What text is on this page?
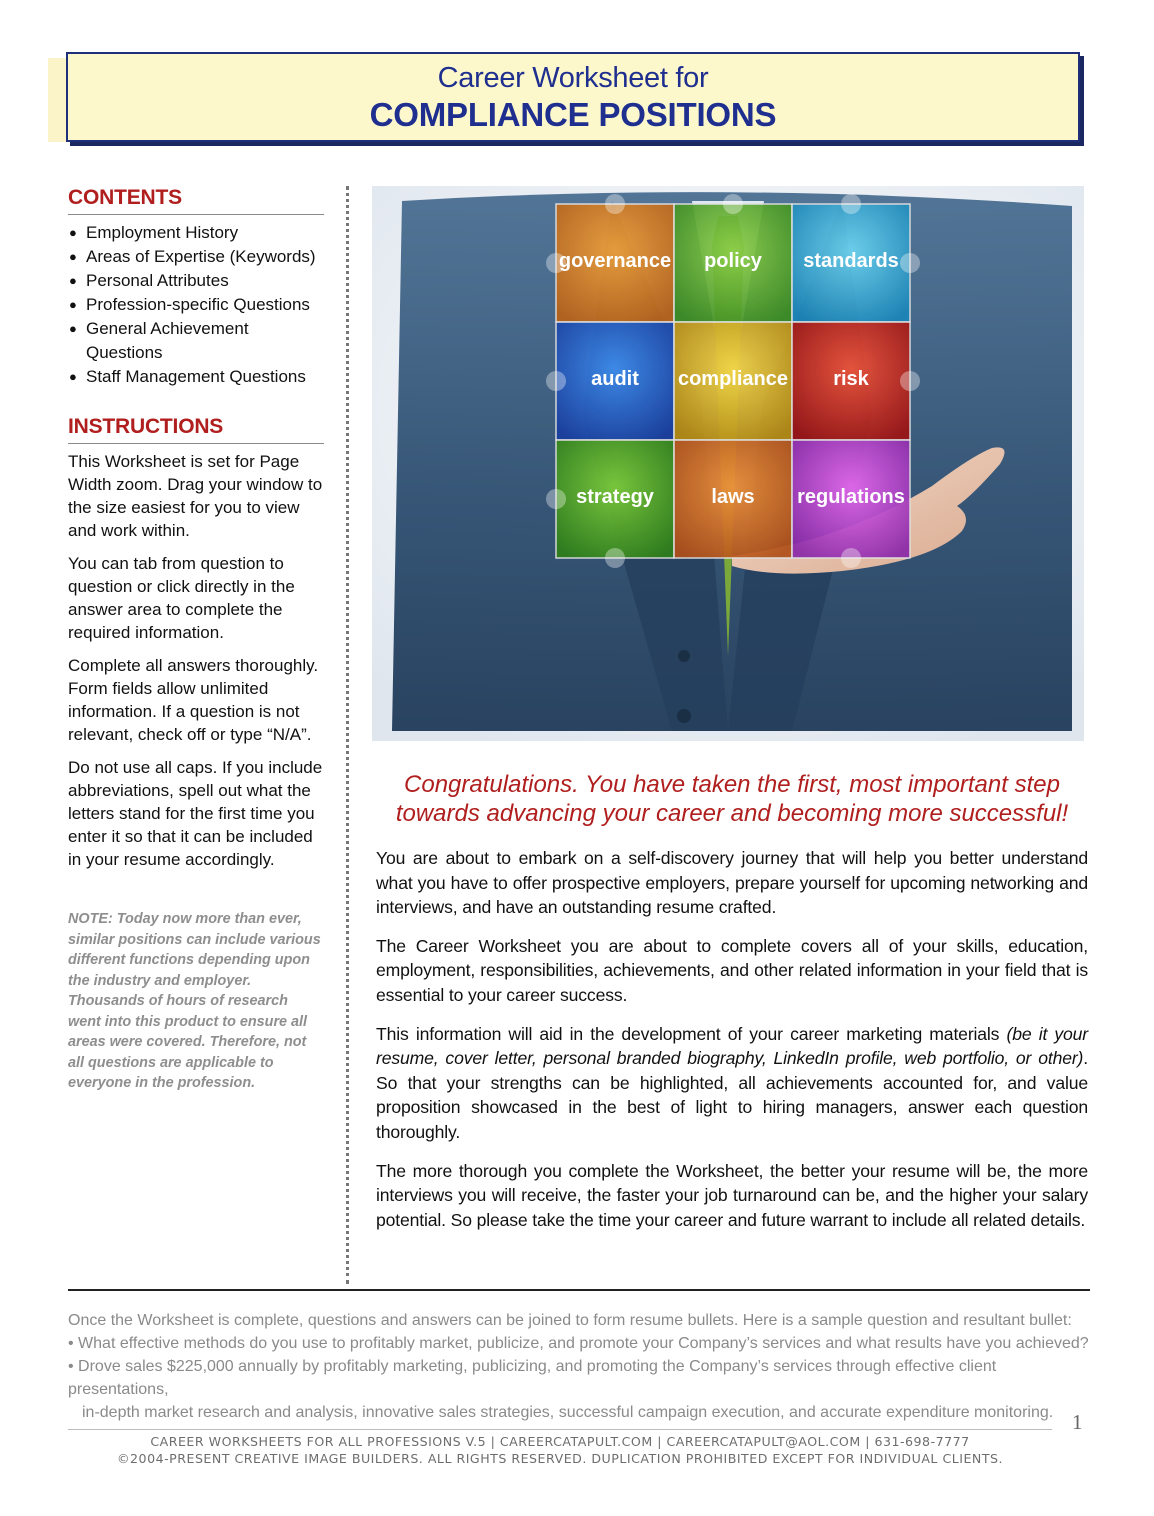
Career Worksheet for
COMPLIANCE POSITIONS
CONTENTS
● Employment History
● Areas of Expertise (Keywords)
● Personal Attributes
● Profession-specific Questions
● General Achievement Questions
● Staff Management Questions
INSTRUCTIONS

This Worksheet is set for Page Width zoom. Drag your window to the size easiest for you to view and work within.

You can tab from question to question or click directly in the answer area to complete the required information.

Complete all answers thoroughly. Form fields allow unlimited information. If a question is not relevant, check off or type “N/A”.

Do not use all caps. If you include abbreviations, spell out what the letters stand for the first time you enter it so that it can be included in your resume accordingly.

NOTE: Today now more than ever, similar positions can include various different functions depending upon the industry and employer. Thousands of hours of research went into this product to ensure all areas were covered. Therefore, not all questions are applicable to everyone in the profession.
governance policy standards
audit compliance risk
strategy	laws regulations
Congratulations. You have taken the first, most important step
towards advancing your career and becoming more successful!

You are about to embark on a self-discovery journey that will help you better understand what you have to offer prospective employers, prepare yourself for upcoming networking and interviews, and have an outstanding resume crafted.

The Career Worksheet you are about to complete covers all of your skills, education, employment, responsibilities, achievements, and other related information in your field that is essential to your career success.

This information will aid in the development of your career marketing materials (be it your resume, cover letter, personal branded biography, LinkedIn profile, web portfolio, or other). So that your strengths can be highlighted, all achievements accounted for, and value proposition showcased in the best of light to hiring managers, answer each question thoroughly.

The more thorough you complete the Worksheet, the better your resume will be, the more interviews you will receive, the faster your job turnaround can be, and the higher your salary potential. So please take the time your career and future warrant to include all related details.

Once the Worksheet is complete, questions and answers can be joined to form resume bullets. Here is a sample question and resultant bullet:
• What effective methods do you use to profitably market, publicize, and promote your Company’s services and what results have you achieved?
• Drove sales $225,000 annually by profitably marketing, publicizing, and promoting the Company’s services through effective client presentations,
in-depth market research and analysis, innovative sales strategies, successful campaign execution, and accurate expenditure monitoring. 1
CAREER WORKSHEETS FOR ALL PROFESSIONS V.5 | CAREERCATAPULT.COM | CAREERCATAPULT@AOL.COM | 631-698-7777
©2004-PRESENT CREATIVE IMAGE BUILDERS. ALL RIGHTS RESERVED. DUPLICATION PROHIBITED EXCEPT FOR INDIVIDUAL CLIENTS.
